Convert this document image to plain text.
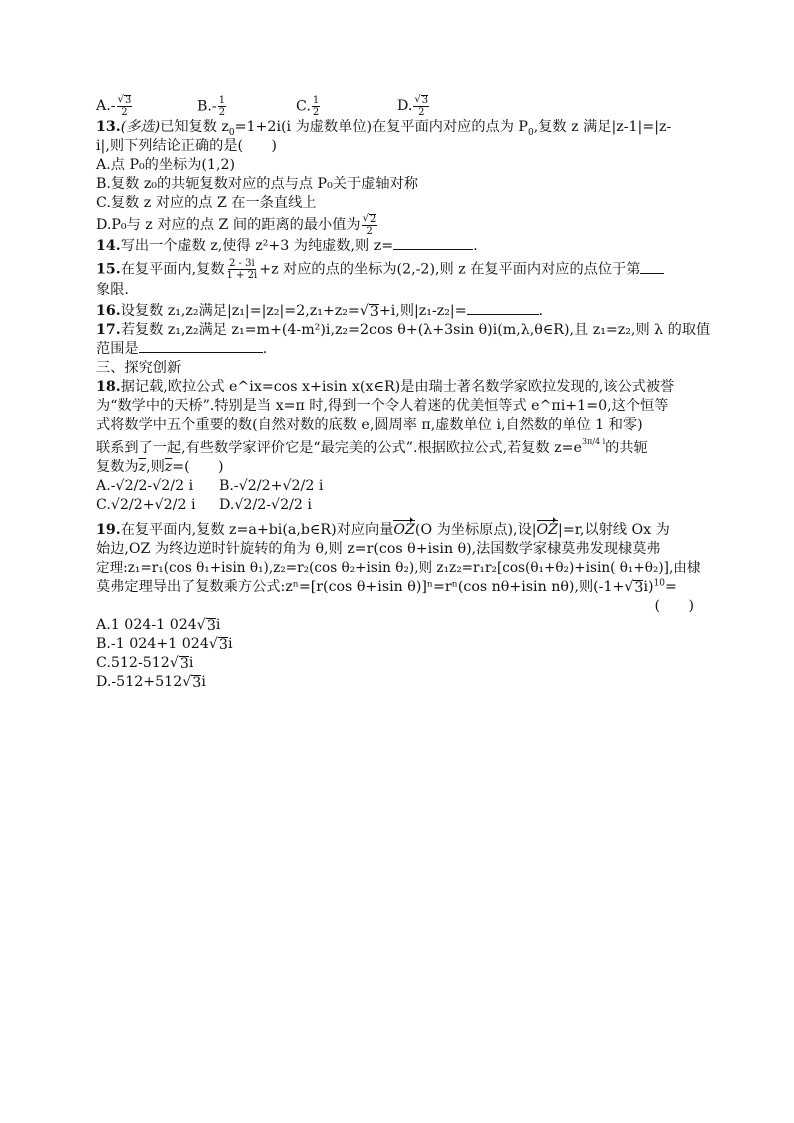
$A.- \frac{√ 3}{2}$	$B.- \frac{1}{2}$	C. $\frac{1}{2}$	D. $\frac{√ 3}{2}$
13.(多选)已知复数 $z_0=1+2i(i$ 为虚数单位)在复平面内对应的点为 $P_0$,复数 z 满足|z-1|=|z-
i|,则下列结论正确的是(　　)
A.点 P₀的坐标为(1,2)
B.复数 z₀的共轭复数对应的点与点 P₀关于虚轴对称
C.复数 z 对应的点 Z 在一条直线上
D.P₀与 z 对应的点 Z 间的距离的最小值为 $\frac{√ 2}{2}$
14.写出一个虚数 z,使得 z²+3 为纯虚数,则 z=	.
15.在复平面内,复数 $\frac{2 - 3i}{1 + 2i} +z$ 对应的点的坐标为(2,-2),则 z 在复平面内对应的点位于第
象限.
16.设复数 z₁,z₂满足|z₁|=|z₂|=2,z₁+z₂= √ 3 +i,则|z₁-z₂|=	.
17.若复数 z₁,z₂满足 z₁=m+(4-m²)i,z₂=2cos θ+(λ+3sin θ)i(m,λ,θ∈R),且 z₁=z₂,则 λ 的取值
范围是	.
三、探究创新
18.据记载,欧拉公式 e^ix=cos x+isin x(x∈R)是由瑞士著名数学家欧拉发现的,该公式被誉
为“数学中的天桥”.特别是当 x=π 时,得到一个令人着迷的优美恒等式 e^πi+1=0,这个恒等
式将数学中五个重要的数(自然对数的底数 e,圆周率 π,虚数单位 i,自然数的单位 1 和零)
联系到了一起,有些数学家评价它是“最完美的公式”.根据欧拉公式,若复数 $z=e^{3\pi/4 i}$的共轭
复数为$\overline{z}$,则$\overline{z}=$(　　)
A.-√2/2-√2/2 i	B.-√2/2+√2/2 i
C.√2/2+√2/2 i	D.√2/2-√2/2 i
19.在复平面内,复数 z=a+bi(a,b∈R)对应向量OZ(O 为坐标原点),设|OZ|=r,以射线 Ox 为
始边,OZ 为终边逆时针旋转的角为 θ,则 z=r(cos θ+isin θ),法国数学家棣莫弗发现棣莫弗
定理:z₁=r₁(cos θ₁+isin θ₁),z₂=r₂(cos θ₂+isin θ₂),则 z₁z₂=r₁r₂[cos(θ₁+θ₂)+isin( θ₁+θ₂)],由棣
莫弗定理导出了复数乘方公式:zⁿ=[r(cos θ+isin θ)]ⁿ=rⁿ(cos nθ+isin nθ),则(-1+ √ 3 i)$^{10}$=
(　　)
A.1 024-1 024 √ 3 i
B.-1 024+1 024 √ 3 i
C.512-512 √ 3 i
D.-512+512 √ 3 i
